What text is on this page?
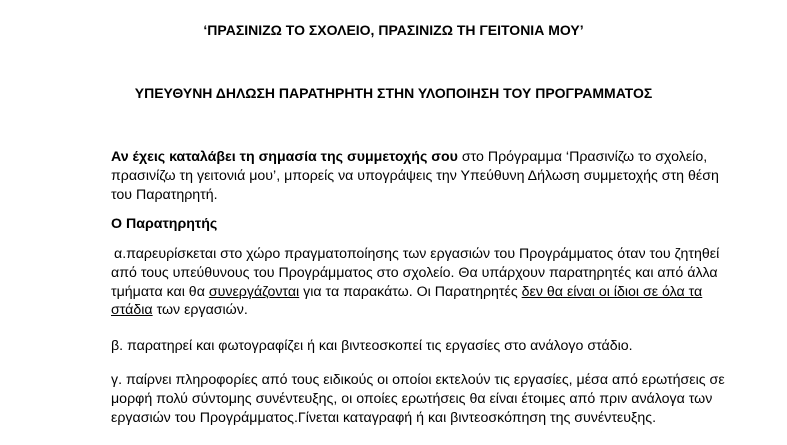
‘ΠΡΑΣΙΝΙΖΩ ΤΟ ΣΧΟΛΕΙΟ, ΠΡΑΣΙΝΙΖΩ ΤΗ ΓΕΙΤΟΝΙΑ ΜΟΥ’
ΥΠΕΥΘΥΝΗ ΔΗΛΩΣΗ ΠΑΡΑΤΗΡΗΤΗ ΣΤΗΝ ΥΛΟΠΟΙΗΣΗ ΤΟΥ ΠΡΟΓΡΑΜΜΑΤΟΣ
Αν έχεις καταλάβει τη σημασία της συμμετοχής σου στο Πρόγραμμα ‘Πρασινίζω το σχολείο, πρασινίζω τη γειτονιά μου’, μπορείς να υπογράψεις την Υπεύθυνη Δήλωση συμμετοχής στη θέση του Παρατηρητή.
Ο Παρατηρητής
α.παρευρίσκεται στο χώρο πραγματοποίησης των εργασιών του Προγράμματος όταν του ζητηθεί από τους υπεύθυνους του Προγράμματος στο σχολείο. Θα υπάρχουν παρατηρητές και από άλλα τμήματα και θα συνεργάζονται για τα παρακάτω. Οι Παρατηρητές δεν θα είναι οι ίδιοι σε όλα τα στάδια των εργασιών.
β. παρατηρεί και φωτογραφίζει ή και βιντεοσκοπεί τις εργασίες στο ανάλογο στάδιο.
γ. παίρνει πληροφορίες από τους ειδικούς οι οποίοι εκτελούν τις εργασίες, μέσα από ερωτήσεις σε μορφή πολύ σύντομης συνέντευξης, οι οποίες ερωτήσεις θα είναι έτοιμες από πριν ανάλογα των εργασιών του Προγράμματος.Γίνεται καταγραφή ή και βιντεοσκόπηση της συνέντευξης.
